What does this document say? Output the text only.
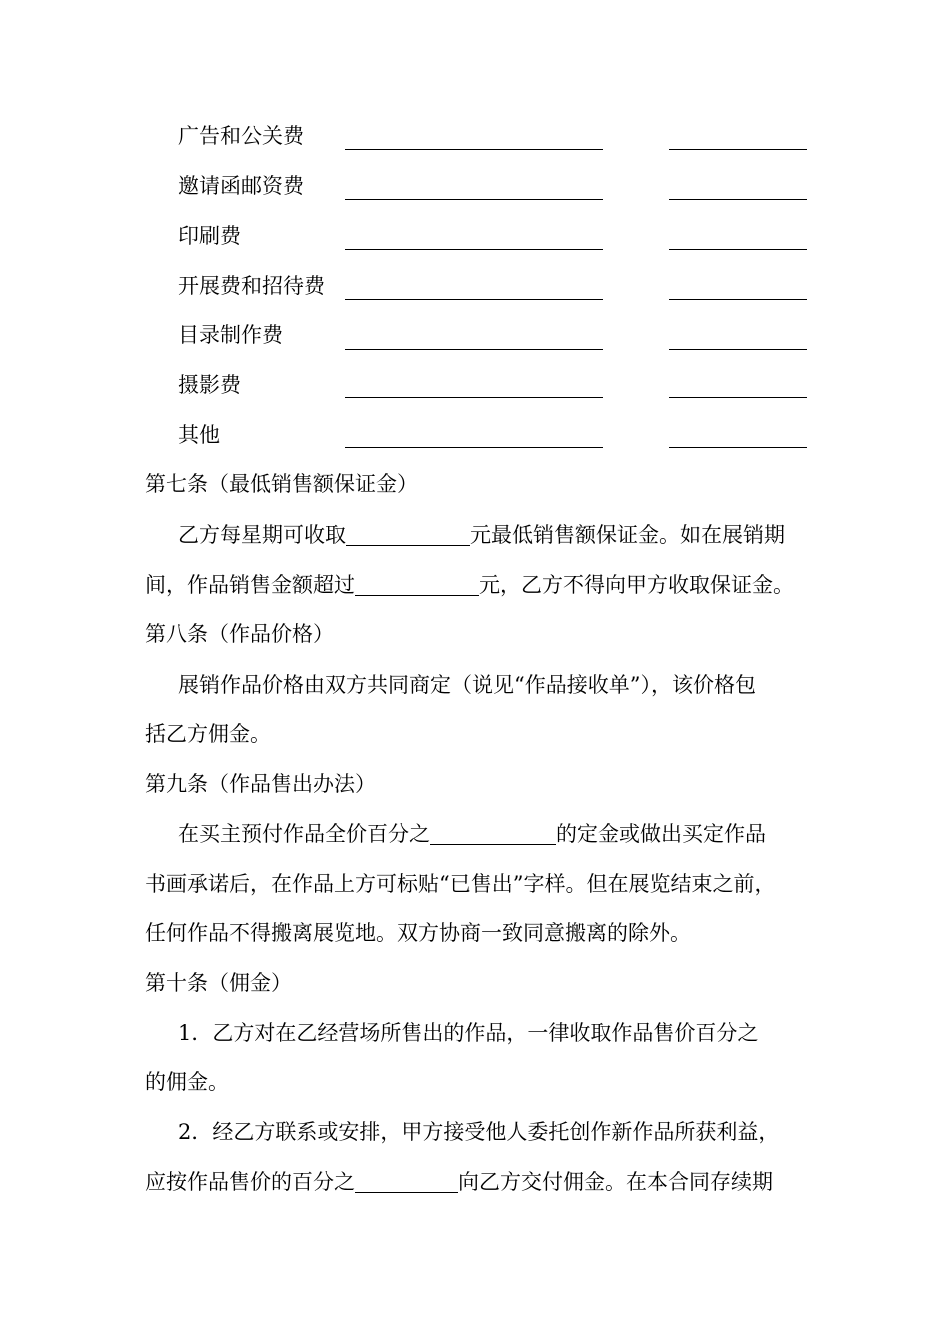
广告和公关费
邀请函邮资费
印刷费
开展费和招待费
目录制作费
摄影费
其他
第七条（最低销售额保证金）
乙方每星期可收取	元最低销售额保证金。如在展销期
间，作品销售金额超过	元，乙方不得向甲方收取保证金。
第八条（作品价格）
展销作品价格由双方共同商定（说见“作品接收单”），该价格包
括乙方佣金。
第九条（作品售出办法）
在买主预付作品全价百分之	的定金或做出买定作品
书画承诺后，在作品上方可标贴“已售出”字样。但在展览结束之前，
任何作品不得搬离展览地。双方协商一致同意搬离的除外。
第十条（佣金）
1．乙方对在乙经营场所售出的作品，一律收取作品售价百分之
的佣金。
2．经乙方联系或安排，甲方接受他人委托创作新作品所获利益，
应按作品售价的百分之	向乙方交付佣金。在本合同存续期
